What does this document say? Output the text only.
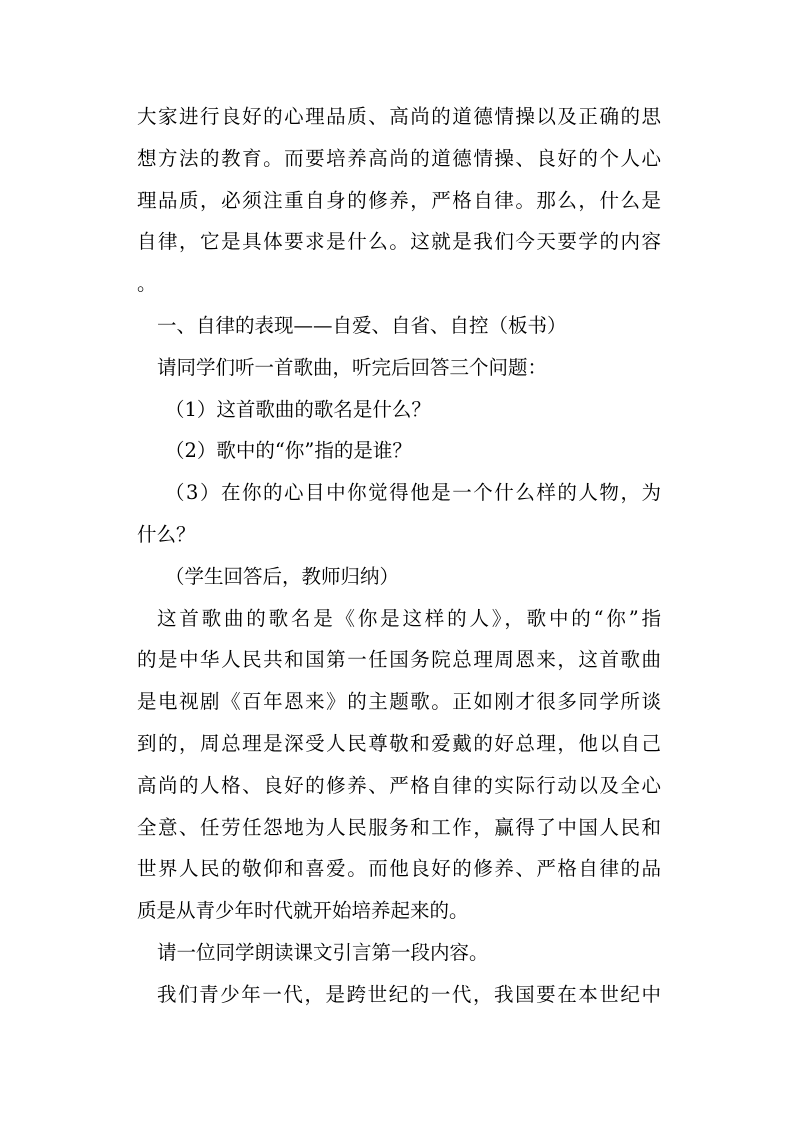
大家进行良好的心理品质、高尚的道德情操以及正确的思
想方法的教育。而要培养高尚的道德情操、良好的个人心
理品质，必须注重自身的修养，严格自律。那么，什么是
自律，它是具体要求是什么。这就是我们今天要学的内容
。
一、自律的表现——自爱、自省、自控（板书）
请同学们听一首歌曲，听完后回答三个问题：
（1）这首歌曲的歌名是什么？
（2）歌中的“你”指的是谁？
（3）在你的心目中你觉得他是一个什么样的人物，为
什么？
（学生回答后，教师归纳）
这首歌曲的歌名是《你是这样的人》，歌中的“你”指
的是中华人民共和国第一任国务院总理周恩来，这首歌曲
是电视剧《百年恩来》的主题歌。正如刚才很多同学所谈
到的，周总理是深受人民尊敬和爱戴的好总理，他以自己
高尚的人格、良好的修养、严格自律的实际行动以及全心
全意、任劳任怨地为人民服务和工作，赢得了中国人民和
世界人民的敬仰和喜爱。而他良好的修养、严格自律的品
质是从青少年时代就开始培养起来的。
请一位同学朗读课文引言第一段内容。
我们青少年一代，是跨世纪的一代，我国要在本世纪中
